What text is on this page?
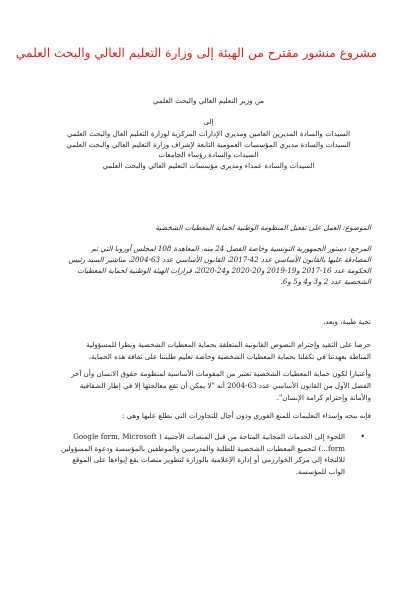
مشروع منشور مقترح من الهيئة إلى وزارة التعليم العالي والبحث العلمي
من وزير التعليم العالي والبحث العلمي
إلى
السيدات والسادة المديرين العامين ومديري الإدارات المركزية لوزارة التعليم العال والبحث العلمي
السيدات والسادة مديري المؤسسات العمومية التابعة لإشراف وزارة التعليم العالي والبحث العلمي
السيدات والسادة رؤساء الجامعات
السيدات والسادة عمداء ومديري مؤسسات التعليم العالي والبحث العلمي
الموضوع: العمل على تفعيل المنظومة الوطنية لحماية المعطيات الشخصية
المرجع: دستور الجمهورية التونسية وخاصة الفصل 24 منه، المعاهدة 108 لمجلس أوروبا التي تم
المصادقة عليها بالقانون الأساسي عدد 42-2017، القانون الأساسي عدد 63-2004، مناشير السيد رئيس
الحكومة عدد 16-2017 و19-2019 و20-2020 و24-2020، قرارات الهيئة الوطنية لحماية المعطيات
الشخصية عدد 2 و3 و4 و5 و6.
تحية طيبة، وبعد،
حرصا على التقيد وإحترام النصوص القانونية المتعلقة بحماية المعطيات الشخصية ونظرا للمسؤولية
المناطة بعهدتنا في تكفلنا بحماية المعطيات الشخصية وخاصة تعليم طلبتنا على ثقافة هذه الحماية،
وأعتبارا لكون حماية المعطيات الشخصية تعتبر من المقومات الأساسية لمنظومة حقوق الانسان وأن آخر
الفصل الأول من القانون الأساسي عدد 63-2004 أنه "لا يمكن أن تقع معالجتها إلا في إطار الشفافية
والأمانة وإحترام كرامة الإنسان".
فإنه ينجه وإسداء التعليمات للمنع الفوري ودون أجال للتجاوزات التي نطلع عليها وهي :
•
اللجوء إلى الخدمات المجانية المتاحة من قبل المنصات الأجنبية ( Google form, Microsoft
form...) لتجميع المعطيات الشخصية للطلبة والمدرسين والموظفين بالمؤسسة ودعوة المسؤولين
للالتجاء إلى مركز الخوارزمي أو إدارة الإعلامية بالوزارة لتطوير منصات يقع إيواءها على الموقع
الواب للمؤسسة.
